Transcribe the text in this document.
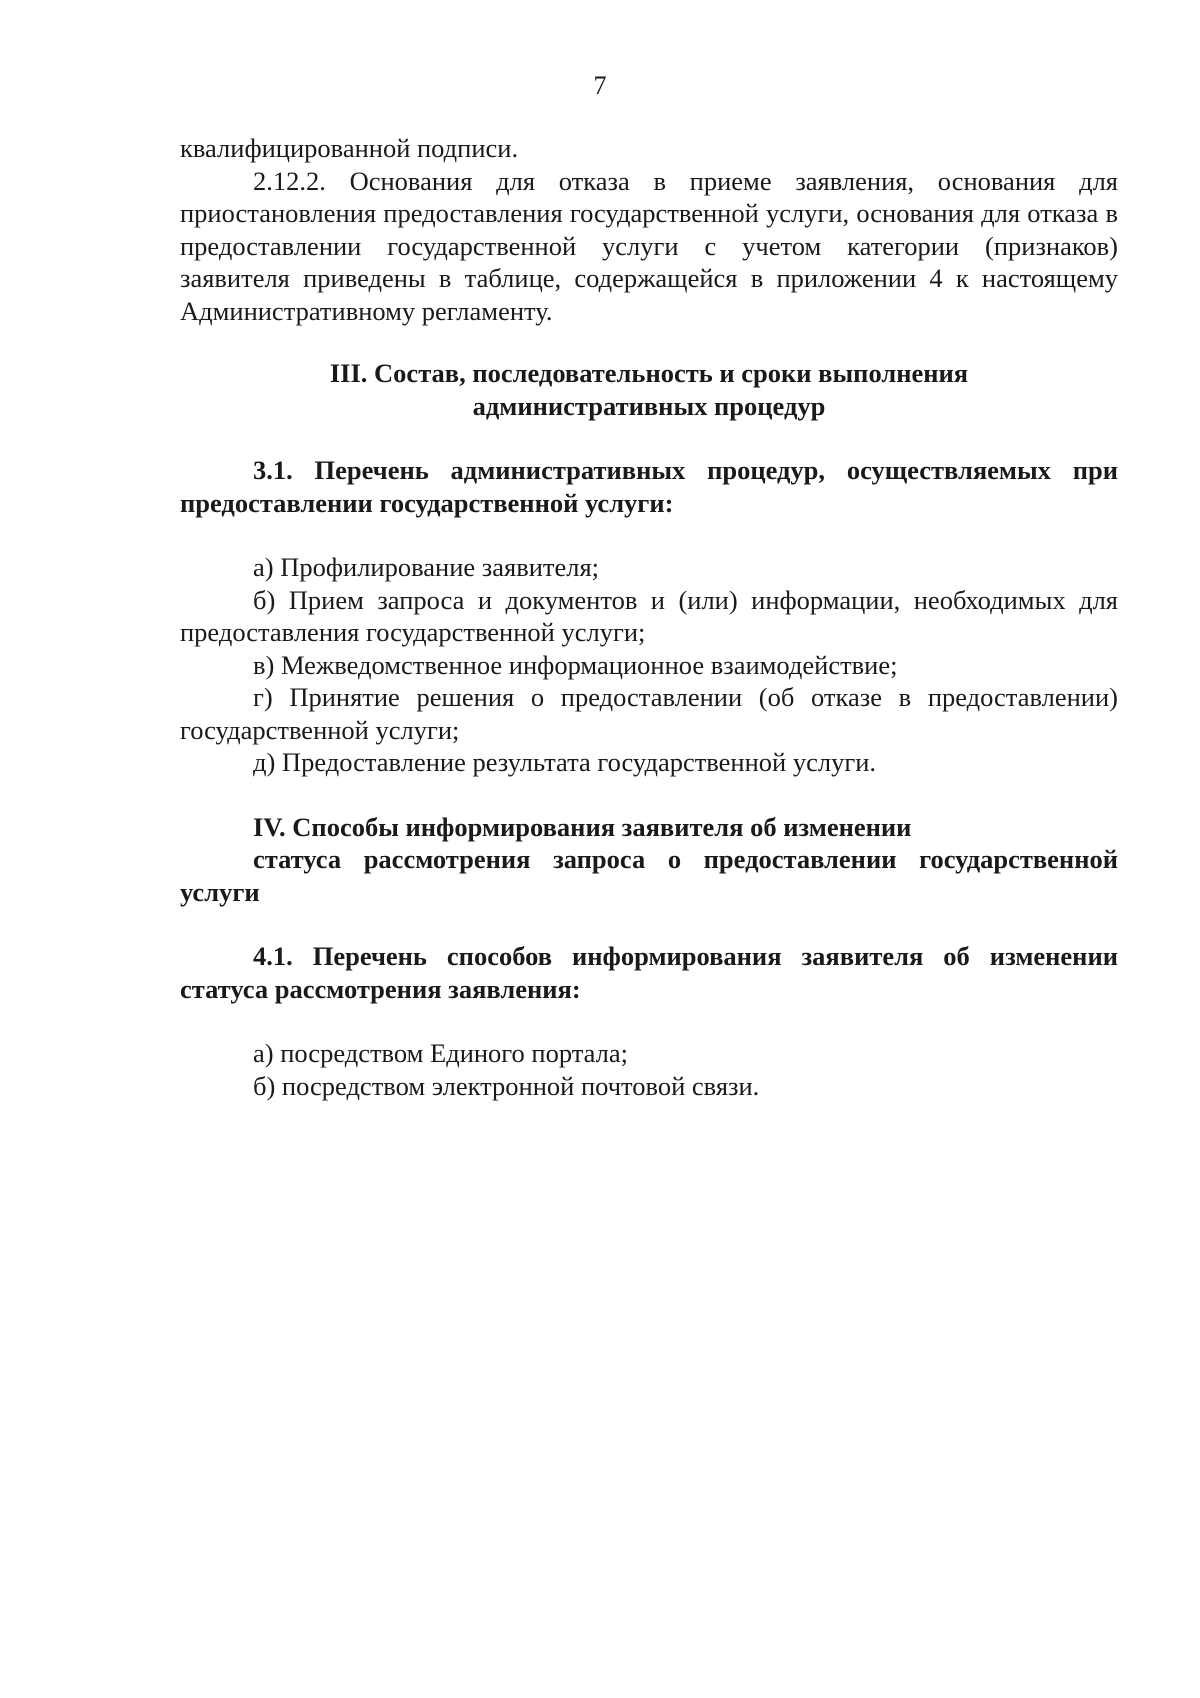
7

квалифицированной подписи.

2.12.2. Основания для отказа в приеме заявления, основания для приостановления предоставления государственной услуги, основания для отказа в предоставлении государственной услуги с учетом категории (признаков) заявителя приведены в таблице, содержащейся в приложении 4 к настоящему Административному регламенту.

III. Состав, последовательность и сроки выполнения
административных процедур

3.1. Перечень административных процедур, осуществляемых при предоставлении государственной услуги:

а) Профилирование заявителя;

б) Прием запроса и документов и (или) информации, необходимых для предоставления государственной услуги;

в) Межведомственное информационное взаимодействие;

г) Принятие решения о предоставлении (об отказе в предоставлении) государственной услуги;

д) Предоставление результата государственной услуги.

IV. Способы информирования заявителя об изменении
статуса рассмотрения запроса о предоставлении государственной услуги

4.1. Перечень способов информирования заявителя об изменении статуса рассмотрения заявления:

а) посредством Единого портала;

б) посредством электронной почтовой связи.
